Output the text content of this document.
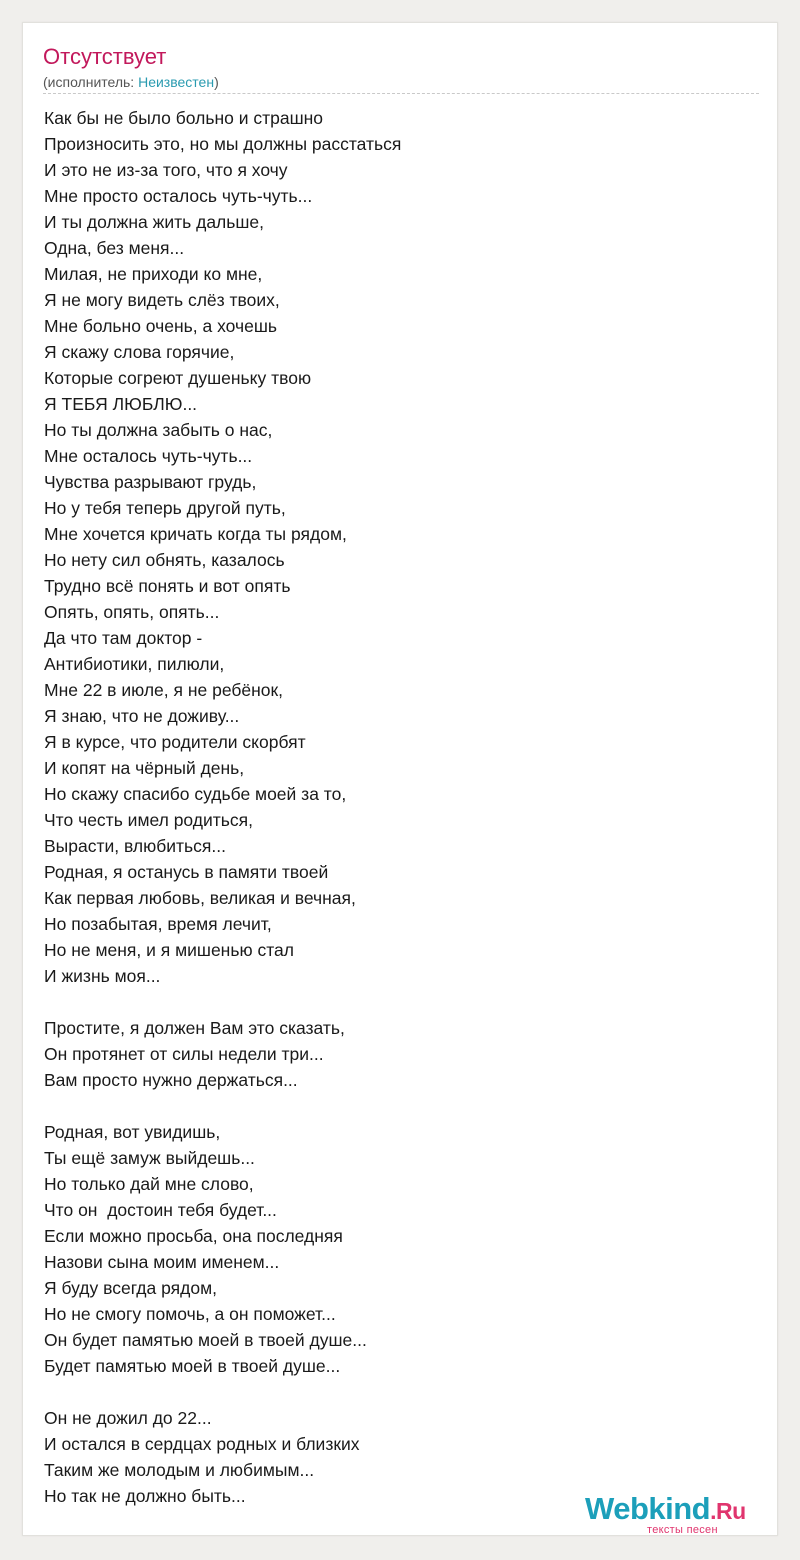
Отсутствует
(исполнитель: Неизвестен)
Как бы не было больно и страшно
Произносить это, но мы должны расстаться
И это не из-за того, что я хочу
Мне просто осталось чуть-чуть...
И ты должна жить дальше,
Одна, без меня...
Милая, не приходи ко мне,
Я не могу видеть слёз твоих,
Мне больно очень, а хочешь
Я скажу слова горячие,
Которые согреют душеньку твою
Я ТЕБЯ ЛЮБЛЮ...
Но ты должна забыть о нас,
Мне осталось чуть-чуть...
Чувства разрывают грудь,
Но у тебя теперь другой путь,
Мне хочется кричать когда ты рядом,
Но нету сил обнять, казалось
Трудно всё понять и вот опять
Опять, опять, опять...
Да что там доктор -
Антибиотики, пилюли,
Мне 22 в июле, я не ребёнок,
Я знаю, что не доживу...
Я в курсе, что родители скорбят
И копят на чёрный день,
Но скажу спасибо судьбе моей за то,
Что честь имел родиться,
Вырасти, влюбиться...
Родная, я останусь в памяти твоей
Как первая любовь, великая и вечная,
Но позабытая, время лечит,
Но не меня, и я мишенью стал
И жизнь моя...
Простите, я должен Вам это сказать,
Он протянет от силы недели три...
Вам просто нужно держаться...
Родная, вот увидишь,
Ты ещё замуж выйдешь...
Но только дай мне слово,
Что он  достоин тебя будет...
Если можно просьба, она последняя
Назови сына моим именем...
Я буду всегда рядом,
Но не смогу помочь, а он поможет...
Он будет памятью моей в твоей душе...
Будет памятью моей в твоей душе...
Он не дожил до 22...
И остался в сердцах родных и близких
Таким же молодым и любимым...
Но так не должно быть...	Webkind.Ru
тексты песен
